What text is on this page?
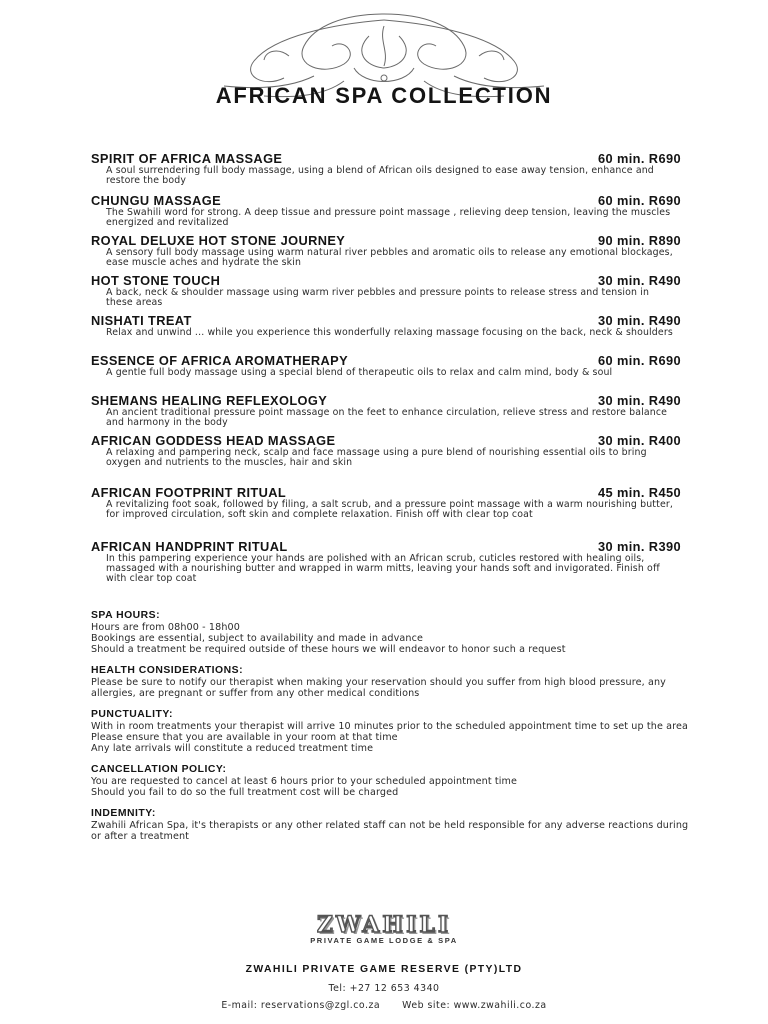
AFRICAN SPA COLLECTION
SPIRIT OF AFRICA MASSAGE	60 min. R690
A soul surrendering full body massage, using a blend of African oils designed to ease away tension, enhance and restore the body
CHUNGU MASSAGE	60 min. R690
The Swahili word for strong. A deep tissue and pressure point massage , relieving deep tension, leaving the muscles energized and revitalized
ROYAL DELUXE HOT STONE JOURNEY	90 min. R890
A sensory full body massage using warm natural river pebbles and aromatic oils to release any emotional blockages, ease muscle aches and hydrate the skin
HOT STONE TOUCH	30 min. R490
A back, neck & shoulder massage using warm river pebbles and pressure points to release stress and tension in these areas
NISHATI TREAT	30 min. R490
Relax and unwind ... while you experience this wonderfully relaxing massage focusing on the back, neck & shoulders
ESSENCE OF AFRICA AROMATHERAPY	60 min. R690
A gentle full body massage using a special blend of therapeutic oils to relax and calm mind, body & soul
SHEMANS HEALING REFLEXOLOGY	30 min. R490
An ancient traditional pressure point massage on the feet to enhance circulation, relieve stress and restore balance and harmony in the body
AFRICAN GODDESS HEAD MASSAGE	30 min. R400
A relaxing and pampering neck, scalp and face massage using a pure blend of nourishing essential oils to bring oxygen and nutrients to the muscles, hair and skin
AFRICAN FOOTPRINT RITUAL	45 min. R450
A revitalizing foot soak, followed by filing, a salt scrub, and a pressure point massage with a warm nourishing butter, for improved circulation, soft skin and complete relaxation. Finish off with clear top coat
AFRICAN HANDPRINT RITUAL	30 min. R390
In this pampering experience your hands are polished with an African scrub, cuticles restored with healing oils, massaged with a nourishing butter and wrapped in warm mitts, leaving your hands soft and invigorated. Finish off with clear top coat
SPA HOURS:
Hours are from 08h00 - 18h00
Bookings are essential, subject to availability and made in advance
Should a treatment be required outside of these hours we will endeavor to honor such a request
HEALTH CONSIDERATIONS:
Please be sure to notify our therapist when making your reservation should you suffer from high blood pressure, any allergies, are pregnant or suffer from any other medical conditions
PUNCTUALITY:
With in room treatments your therapist will arrive 10 minutes prior to the scheduled appointment time to set up the area
Please ensure that you are available in your room at that time
Any late arrivals will constitute a reduced treatment time
CANCELLATION POLICY:
You are requested to cancel at least 6 hours prior to your scheduled appointment time
Should you fail to do so the full treatment cost will be charged
INDEMNITY:
Zwahili African Spa, it's therapists or any other related staff can not be held responsible for any adverse reactions during or after a treatment
ZWAHILI
PRIVATE GAME LODGE & SPA
ZWAHILI PRIVATE GAME RESERVE (PTY)LTD
Tel: +27 12 653 4340
E-mail: reservations@zgl.co.za Web site: www.zwahili.co.za
